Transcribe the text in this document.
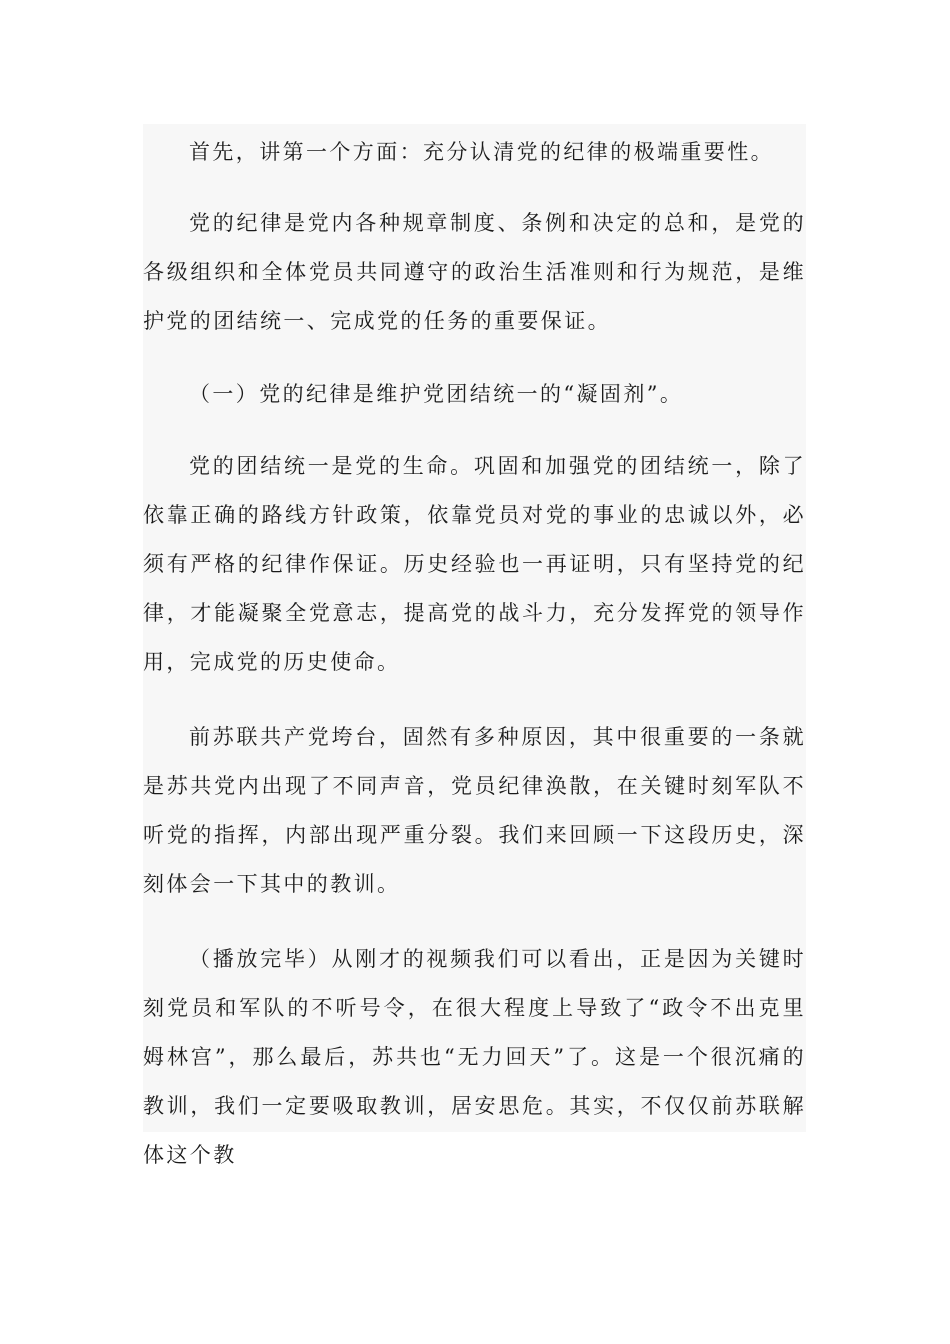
首先，讲第一个方面：充分认清党的纪律的极端重要性。

党的纪律是党内各种规章制度、条例和决定的总和，是党的各级组织和全体党员共同遵守的政治生活准则和行为规范，是维护党的团结统一、完成党的任务的重要保证。

（一）党的纪律是维护党团结统一的“凝固剂”。

党的团结统一是党的生命。巩固和加强党的团结统一，除了依靠正确的路线方针政策，依靠党员对党的事业的忠诚以外，必须有严格的纪律作保证。历史经验也一再证明，只有坚持党的纪律，才能凝聚全党意志，提高党的战斗力，充分发挥党的领导作用，完成党的历史使命。

前苏联共产党垮台，固然有多种原因，其中很重要的一条就是苏共党内出现了不同声音，党员纪律涣散，在关键时刻军队不听党的指挥，内部出现严重分裂。我们来回顾一下这段历史，深刻体会一下其中的教训。

（播放完毕）从刚才的视频我们可以看出，正是因为关键时刻党员和军队的不听号令，在很大程度上导致了“政令不出克里姆林宫”，那么最后，苏共也“无力回天”了。这是一个很沉痛的教训，我们一定要吸取教训，居安思危。其实，不仅仅前苏联解体这个教
